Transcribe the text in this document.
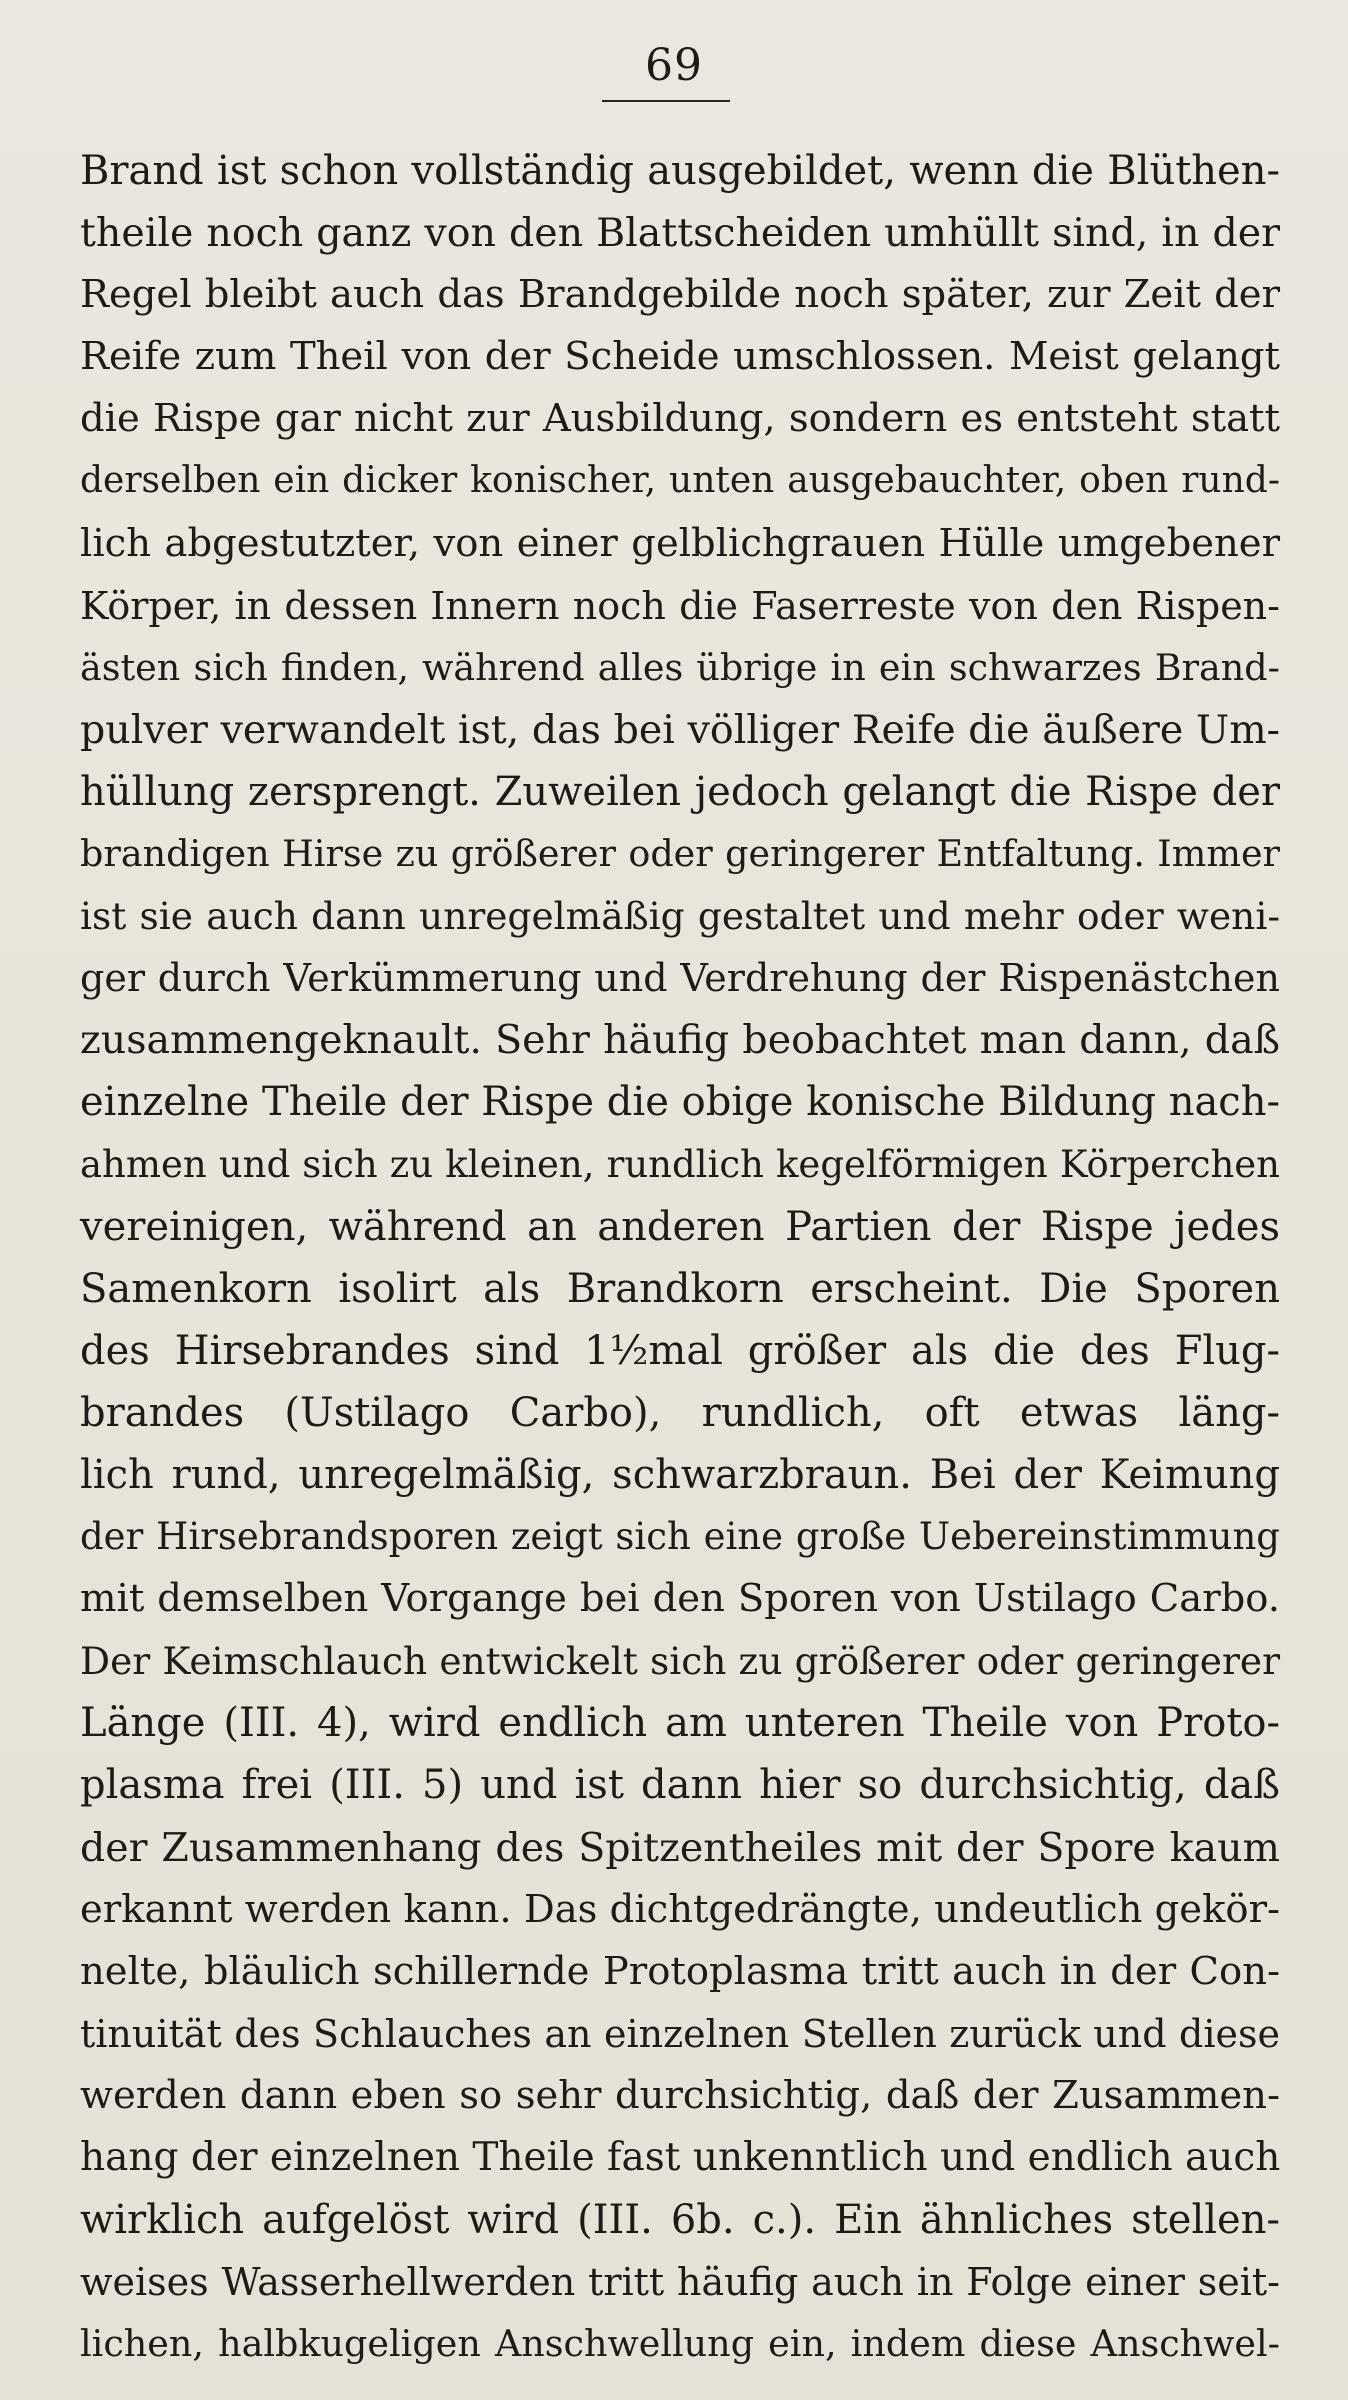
69
Brand ist schon vollständig ausgebildet, wenn die Blüthen-
theile noch ganz von den Blattscheiden umhüllt sind, in der
Regel bleibt auch das Brandgebilde noch später, zur Zeit der
Reife zum Theil von der Scheide umschlossen. Meist gelangt
die Rispe gar nicht zur Ausbildung, sondern es entsteht statt
derselben ein dicker konischer, unten ausgebauchter, oben rund-
lich abgestutzter, von einer gelblichgrauen Hülle umgebener
Körper, in dessen Innern noch die Faserreste von den Rispen-
ästen sich finden, während alles übrige in ein schwarzes Brand-
pulver verwandelt ist, das bei völliger Reife die äußere Um-
hüllung zersprengt. Zuweilen jedoch gelangt die Rispe der
brandigen Hirse zu größerer oder geringerer Entfaltung. Immer
ist sie auch dann unregelmäßig gestaltet und mehr oder weni-
ger durch Verkümmerung und Verdrehung der Rispenästchen
zusammengeknault. Sehr häufig beobachtet man dann, daß
einzelne Theile der Rispe die obige konische Bildung nach-
ahmen und sich zu kleinen, rundlich kegelförmigen Körperchen
vereinigen, während an anderen Partien der Rispe jedes
Samenkorn isolirt als Brandkorn erscheint. Die Sporen
des Hirsebrandes sind 1½mal größer als die des Flug-
brandes (Ustilago Carbo), rundlich, oft etwas läng-
lich rund, unregelmäßig, schwarzbraun. Bei der Keimung
der Hirsebrandsporen zeigt sich eine große Uebereinstimmung
mit demselben Vorgange bei den Sporen von Ustilago Carbo.
Der Keimschlauch entwickelt sich zu größerer oder geringerer
Länge (III. 4), wird endlich am unteren Theile von Proto-
plasma frei (III. 5) und ist dann hier so durchsichtig, daß
der Zusammenhang des Spitzentheiles mit der Spore kaum
erkannt werden kann. Das dichtgedrängte, undeutlich gekör-
nelte, bläulich schillernde Protoplasma tritt auch in der Con-
tinuität des Schlauches an einzelnen Stellen zurück und diese
werden dann eben so sehr durchsichtig, daß der Zusammen-
hang der einzelnen Theile fast unkenntlich und endlich auch
wirklich aufgelöst wird (III. 6b. c.). Ein ähnliches stellen-
weises Wasserhellwerden tritt häufig auch in Folge einer seit-
lichen, halbkugeligen Anschwellung ein, indem diese Anschwel-
